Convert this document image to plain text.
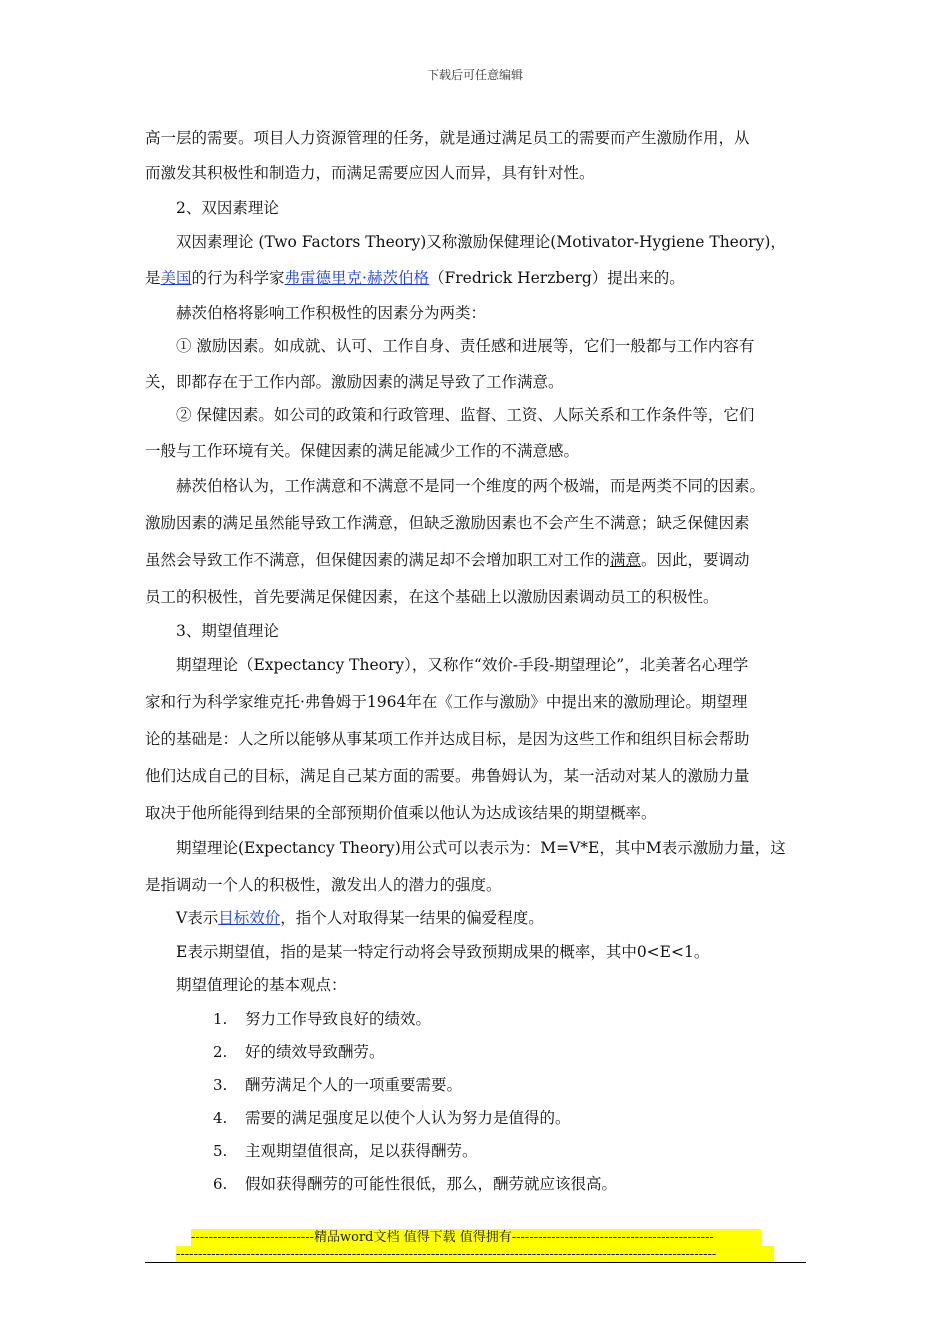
下载后可任意编辑
高一层的需要。项目人力资源管理的任务，就是通过满足员工的需要而产生激励作用，从
而激发其积极性和制造力，而满足需要应因人而异，具有针对性。
2、双因素理论
双因素理论 (Two Factors Theory)又称激励保健理论(Motivator-Hygiene Theory)，
是美国的行为科学家弗雷德里克·赫茨伯格（Fredrick Herzberg）提出来的。
赫茨伯格将影响工作积极性的因素分为两类：
① 激励因素。如成就、认可、工作自身、责任感和进展等，它们一般都与工作内容有
关，即都存在于工作内部。激励因素的满足导致了工作满意。
② 保健因素。如公司的政策和行政管理、监督、工资、人际关系和工作条件等，它们
一般与工作环境有关。保健因素的满足能减少工作的不满意感。
赫茨伯格认为，工作满意和不满意不是同一个维度的两个极端，而是两类不同的因素。
激励因素的满足虽然能导致工作满意，但缺乏激励因素也不会产生不满意；缺乏保健因素
虽然会导致工作不满意，但保健因素的满足却不会增加职工对工作的满意。因此，要调动
员工的积极性，首先要满足保健因素，在这个基础上以激励因素调动员工的积极性。
3、期望值理论
期望理论（Expectancy Theory），又称作“效价-手段-期望理论”，北美著名心理学
家和行为科学家维克托·弗鲁姆于1964年在《工作与激励》中提出来的激励理论。期望理
论的基础是：人之所以能够从事某项工作并达成目标，是因为这些工作和组织目标会帮助
他们达成自己的目标，满足自己某方面的需要。弗鲁姆认为，某一活动对某人的激励力量
取决于他所能得到结果的全部预期价值乘以他认为达成该结果的期望概率。
期望理论(Expectancy Theory)用公式可以表示为：M=V*E，其中M表示激励力量，这
是指调动一个人的积极性，激发出人的潜力的强度。
V表示目标效价，指个人对取得某一结果的偏爱程度。
E表示期望值，指的是某一特定行动将会导致预期成果的概率，其中0<E<1。
期望值理论的基本观点：
1. 努力工作导致良好的绩效。
2. 好的绩效导致酬劳。
3. 酬劳满足个人的一项重要需要。
4. 需要的满足强度足以使个人认为努力是值得的。
5. 主观期望值很高，足以获得酬劳。
6. 假如获得酬劳的可能性很低，那么，酬劳就应该很高。
----------------------------精品word文档 值得下载 值得拥有----------------------------------------------
---------------------------------------------------------------------------------------------------------------------------
